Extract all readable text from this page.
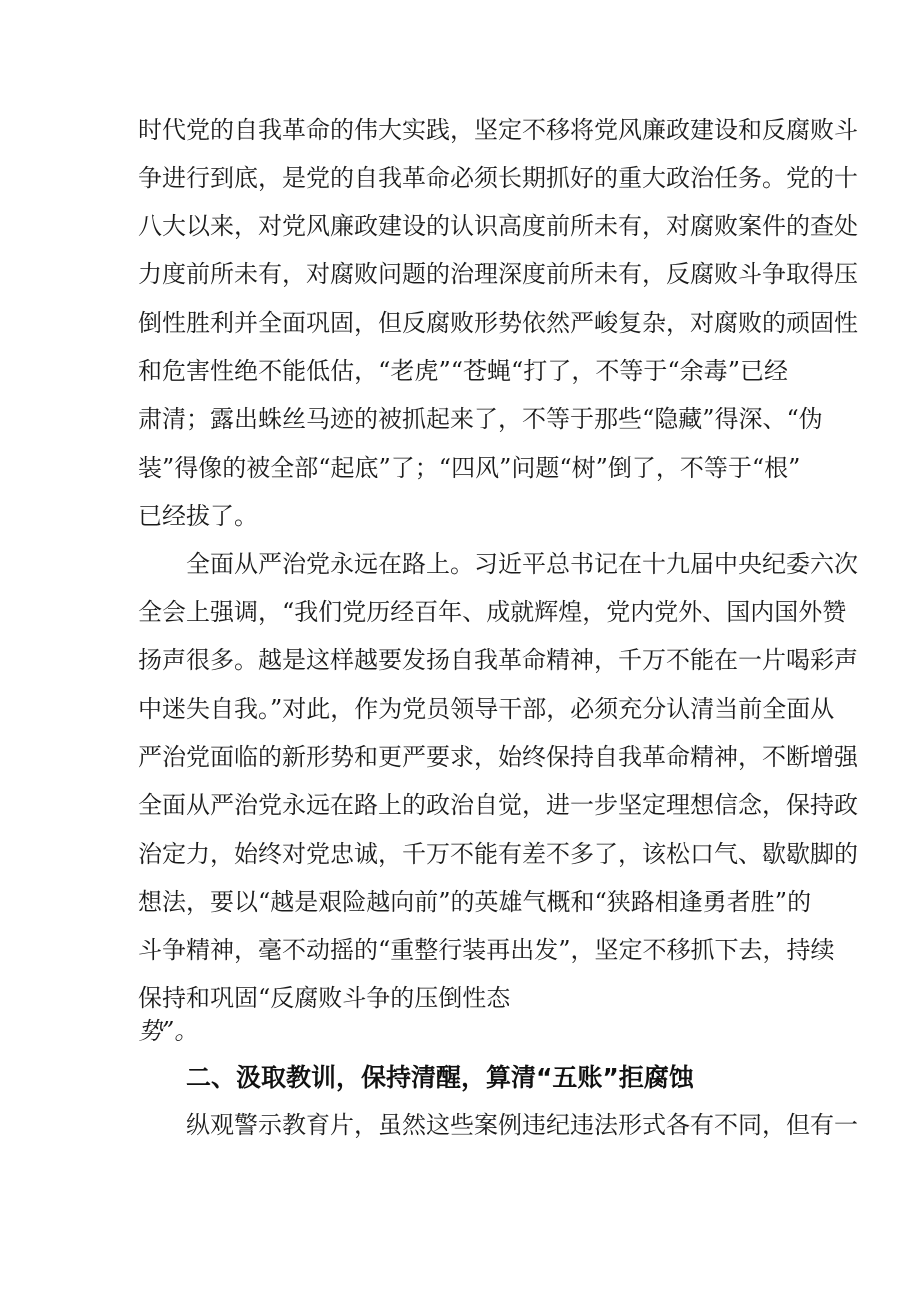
时代党的自我革命的伟大实践，坚定不移将党风廉政建设和反腐败斗
争进行到底，是党的自我革命必须长期抓好的重大政治任务。党的十
八大以来，对党风廉政建设的认识高度前所未有，对腐败案件的查处
力度前所未有，对腐败问题的治理深度前所未有，反腐败斗争取得压
倒性胜利并全面巩固，但反腐败形势依然严峻复杂，对腐败的顽固性
和危害性绝不能低估，“老虎”“苍蝇“打了，不等于“余毒”已经
肃清；露出蛛丝马迹的被抓起来了，不等于那些“隐藏”得深、“伪
装”得像的被全部“起底”了；“四风”问题“树”倒了，不等于“根”
已经拔了。
全面从严治党永远在路上。习近平总书记在十九届中央纪委六次
全会上强调，“我们党历经百年、成就辉煌，党内党外、国内国外赞
扬声很多。越是这样越要发扬自我革命精神，千万不能在一片喝彩声
中迷失自我。”对此，作为党员领导干部，必须充分认清当前全面从
严治党面临的新形势和更严要求，始终保持自我革命精神，不断增强
全面从严治党永远在路上的政治自觉，进一步坚定理想信念，保持政
治定力，始终对党忠诚，千万不能有差不多了，该松口气、歇歇脚的
想法，要以“越是艰险越向前”的英雄气概和“狭路相逢勇者胜”的
斗争精神，毫不动摇的“重整行装再出发”，坚定不移抓下去，持续
保持和巩固“反腐败斗争的压倒性态
势”。
二、汲取教训，保持清醒，算清“五账”拒腐蚀
纵观警示教育片，虽然这些案例违纪违法形式各有不同，但有一
